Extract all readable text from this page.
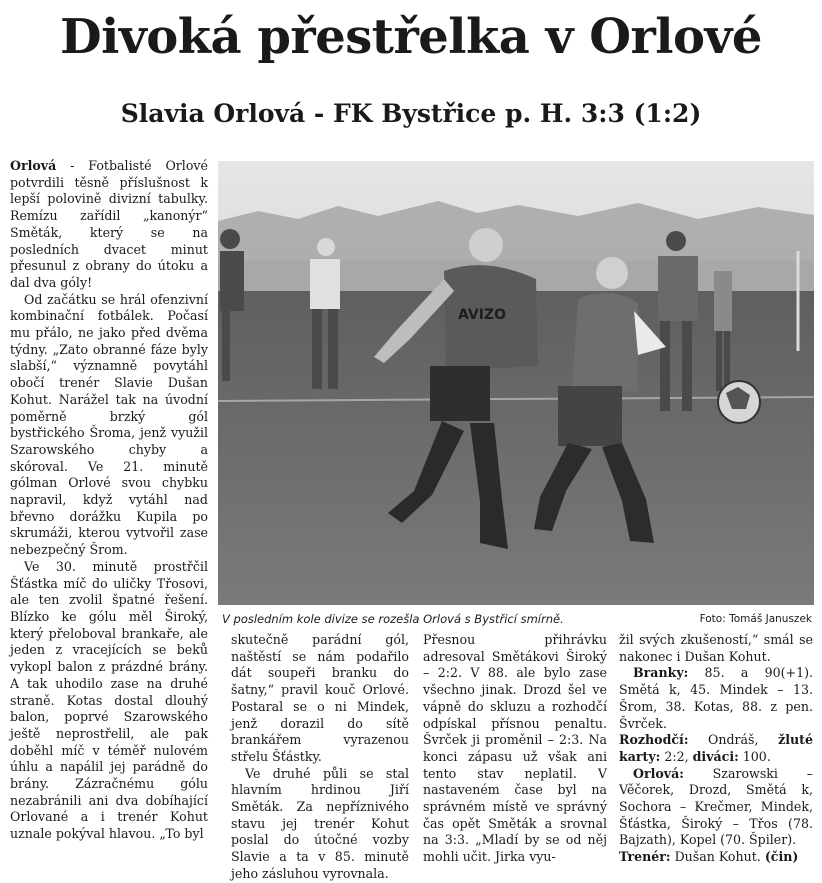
Divoká přestřelka v Orlové
Slavia Orlová - FK Bystřice p. H. 3:3 (1:2)

Orlová - Fotbalisté Orlové potvrdili těsně příslušnost k lepší polovině divizní tabulky. Remízu zařídil „kanonýr“ Směták, který se na posledních dvacet minut přesunul z obrany do útoku a dal dva góly!

Od začátku se hrál ofenzivní kombinační fotbálek. Počasí mu přálo, ne jako před dvěma týdny. „Zato obranné fáze byly slabší,“ významně povytáhl obočí trenér Slavie Dušan Kohut. Narážel tak na úvodní poměrně brzký gól bystřického Šroma, jenž využil Szarowského chyby a skóroval. Ve 21. minutě gólman Orlové svou chybku napravil, když vytáhl nad břevno dorážku Kupila po skrumáži, kterou vytvořil zase nebezpečný Šrom.

Ve 30. minutě prostřčil Šťástka míč do uličky Třosovi, ale ten zvolil špatné řešení. Blízko ke gólu měl Široký, který přeloboval brankaře, ale jeden z vracejících se beků vykopl balon z prázdné brány. A tak uhodilo zase na druhé straně. Kotas dostal dlouhý balon, poprvé Szarowského ještě neprostřelil, ale pak doběhl míč v téměř nulovém úhlu a napálil jej parádně do brány. Zázračnému gólu nezabránili ani dva dobíhající Orlované a i trenér Kohut uznale pokýval hlavou. „To byl

AVIZO
V posledním kole divize se rozešla Orlová s Bystřicí smírně.	Foto: Tomáš Januszek

skutečně parádní gól, naštěstí se nám podařilo dát soupeři branku do šatny,“ pravil kouč Orlové. Postaral se o ni Mindek, jenž dorazil do sítě brankářem vyrazenou střelu Šťástky.

Ve druhé půli se stal hlavním hrdinou Jiří Směták. Za nepříznivého stavu jej trenér Kohut poslal do útočné vozby Slavie a ta v 85. minutě jeho zásluhou vyrovnala.

Přesnou přihrávku adresoval Smětákovi Široký – 2:2. V 88. ale bylo zase všechno jinak. Drozd šel ve vápně do skluzu a rozhodčí odpískal přísnou penaltu. Švrček ji proměnil – 2:3. Na konci zápasu už však ani tento stav neplatil. V nastaveném čase byl na správném místě ve správný čas opět Směták a srovnal na 3:3. „Mladí by se od něj mohli učit. Jirka vyu-

žil svých zkušeností,“ smál se nakonec i Dušan Kohut.

Branky: 85. a 90(+1). Smětá k, 45. Mindek – 13. Šrom, 38. Kotas, 88. z pen. Švrček.

Rozhodčí: Ondráš, žluté karty: 2:2, diváci: 100.

Orlová: Szarowski – Věčorek, Drozd, Smětá k, Sochora – Krečmer, Mindek, Šťástka, Široký – Třos (78. Bajzath), Kopel (70. Špiler).

Trenér: Dušan Kohut. (čin)
